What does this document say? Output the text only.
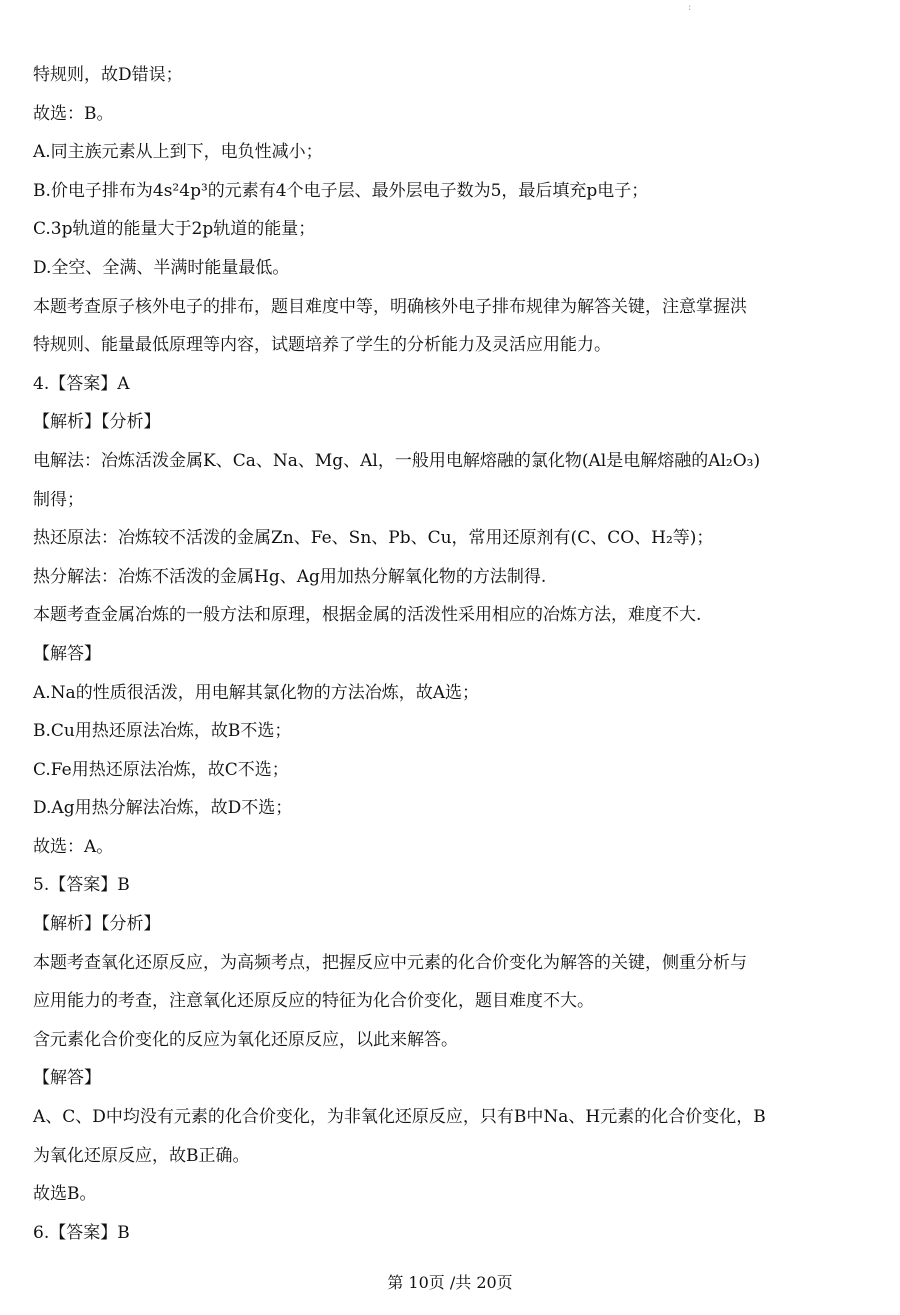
:
特规则，故D错误；
故选：B。
A.同主族元素从上到下，电负性减小；
B.价电子排布为4s²4p³的元素有4个电子层、最外层电子数为5，最后填充p电子；
C.3p轨道的能量大于2p轨道的能量；
D.全空、全满、半满时能量最低。
本题考查原子核外电子的排布，题目难度中等，明确核外电子排布规律为解答关键，注意掌握洪
特规则、能量最低原理等内容，试题培养了学生的分析能力及灵活应用能力。
4.【答案】A
【解析】【分析】
电解法：冶炼活泼金属K、Ca、Na、Mg、Al，一般用电解熔融的氯化物(Al是电解熔融的Al₂O₃)
制得；
热还原法：冶炼较不活泼的金属Zn、Fe、Sn、Pb、Cu，常用还原剂有(C、CO、H₂等)；
热分解法：冶炼不活泼的金属Hg、Ag用加热分解氧化物的方法制得.
本题考查金属冶炼的一般方法和原理，根据金属的活泼性采用相应的冶炼方法，难度不大.
【解答】
A.Na的性质很活泼，用电解其氯化物的方法冶炼，故A选；
B.Cu用热还原法冶炼，故B不选；
C.Fe用热还原法冶炼，故C不选；
D.Ag用热分解法冶炼，故D不选；
故选：A。
5.【答案】B
【解析】【分析】
本题考查氧化还原反应，为高频考点，把握反应中元素的化合价变化为解答的关键，侧重分析与
应用能力的考查，注意氧化还原反应的特征为化合价变化，题目难度不大。
含元素化合价变化的反应为氧化还原反应，以此来解答。
【解答】
A、C、D中均没有元素的化合价变化，为非氧化还原反应，只有B中Na、H元素的化合价变化，B
为氧化还原反应，故B正确。
故选B。
6.【答案】B
第 10页 /共 20页
